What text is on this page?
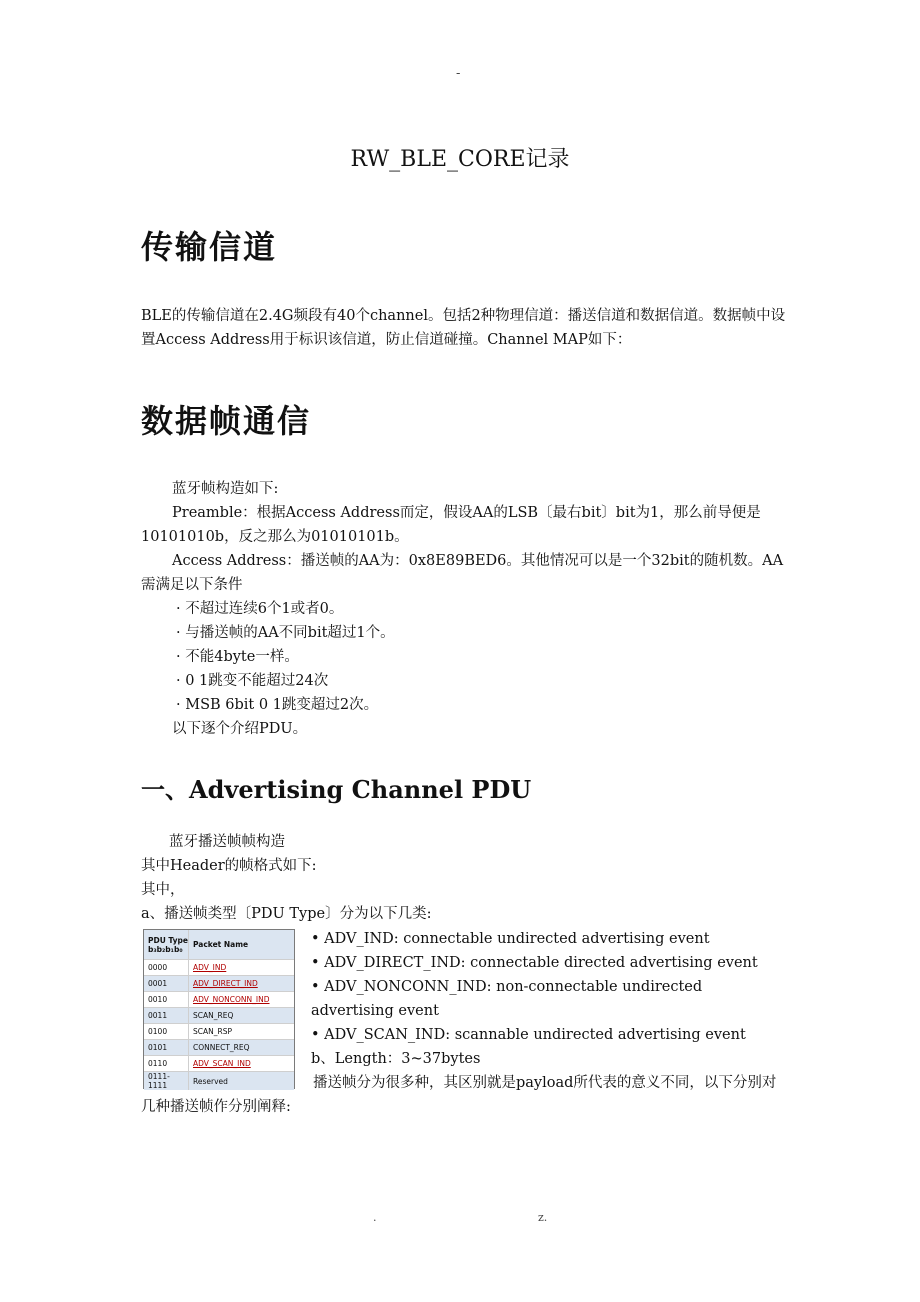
-
RW_BLE_CORE记录
传输信道

BLE的传输信道在2.4G频段有40个channel。包括2种物理信道：播送信道和数据信道。数据帧中设置Access Address用于标识该信道，防止信道碰撞。Channel MAP如下：

数据帧通信

蓝牙帧构造如下:

Preamble：根据Access Address而定，假设AA的LSB〔最右bit〕bit为1，那么前导便是10101010b，反之那么为01010101b。

Access Address：播送帧的AA为：0x8E89BED6。其他情况可以是一个32bit的随机数。AA需满足以下条件

· 不超过连续6个1或者0。

· 与播送帧的AA不同bit超过1个。

· 不能4byte一样。

· 0 1跳变不能超过24次

· MSB 6bit 0 1跳变超过2次。

以下逐个介绍PDU。

一、Advertising Channel PDU

蓝牙播送帧帧构造

其中Header的帧格式如下:

其中，

a、播送帧类型〔PDU Type〕分为以下几类:

PDU Type
b₃b₂b₁b₀	Packet Name
0000	ADV_IND
0001	ADV_DIRECT_IND
0010	ADV_NONCONN_IND
0011	SCAN_REQ
0100	SCAN_RSP
0101	CONNECT_REQ
0110	ADV_SCAN_IND
0111-1111	Reserved

• ADV_IND: connectable undirected advertising event

• ADV_DIRECT_IND: connectable directed advertising event

• ADV_NONCONN_IND: non-connectable undirected advertising event

• ADV_SCAN_IND: scannable undirected advertising event

b、Length：3~37bytes

播送帧分为很多种，其区别就是payload所代表的意义不同，以下分别对几种播送帧作分别阐释:

.	z.
